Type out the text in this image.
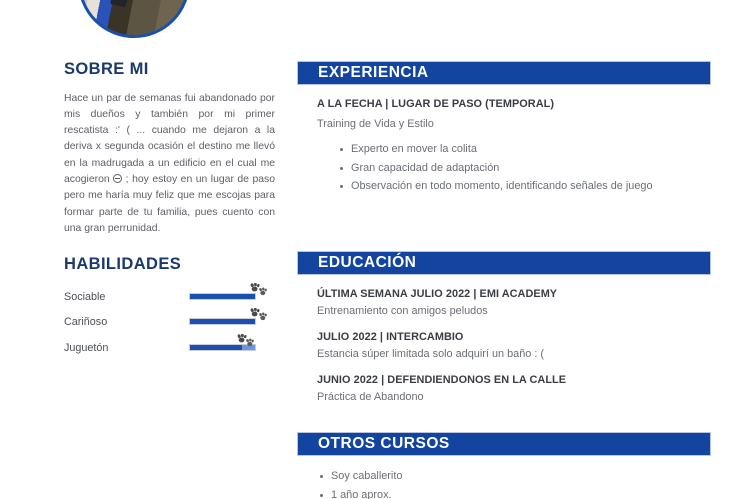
SOBRE MI

Hace un par de semanas fui abandonado por mis dueños y también por mi primer rescatista :' ( ... cuando me dejaron a la deriva x segunda ocasión el destino me llevó en la madrugada a un edificio en el cual me acogieron ; hoy estoy en un lugar de paso pero me haría muy feliz que me escojas para formar parte de tu familia, pues cuento con una gran perrunidad.

HABILIDADES
Sociable
Cariñoso
Juguetón
EXPERIENCIA

A LA FECHA | LUGAR DE PASO (TEMPORAL)

Training de Vida y Estilo

Experto en mover la colita
Gran capacidad de adaptación
Observación en todo momento, identificando señales de juego
EDUCACIÓN

ÚLTIMA SEMANA JULIO 2022 | EMI ACADEMY

Entrenamiento con amigos peludos

JULIO 2022 | INTERCAMBIO

Estancia súper limitada solo adquirí un baño : (

JUNIO 2022 | DEFENDIENDONOS EN LA CALLE

Práctica de Abandono

OTROS CURSOS
Soy caballerito
1 año aprox.
